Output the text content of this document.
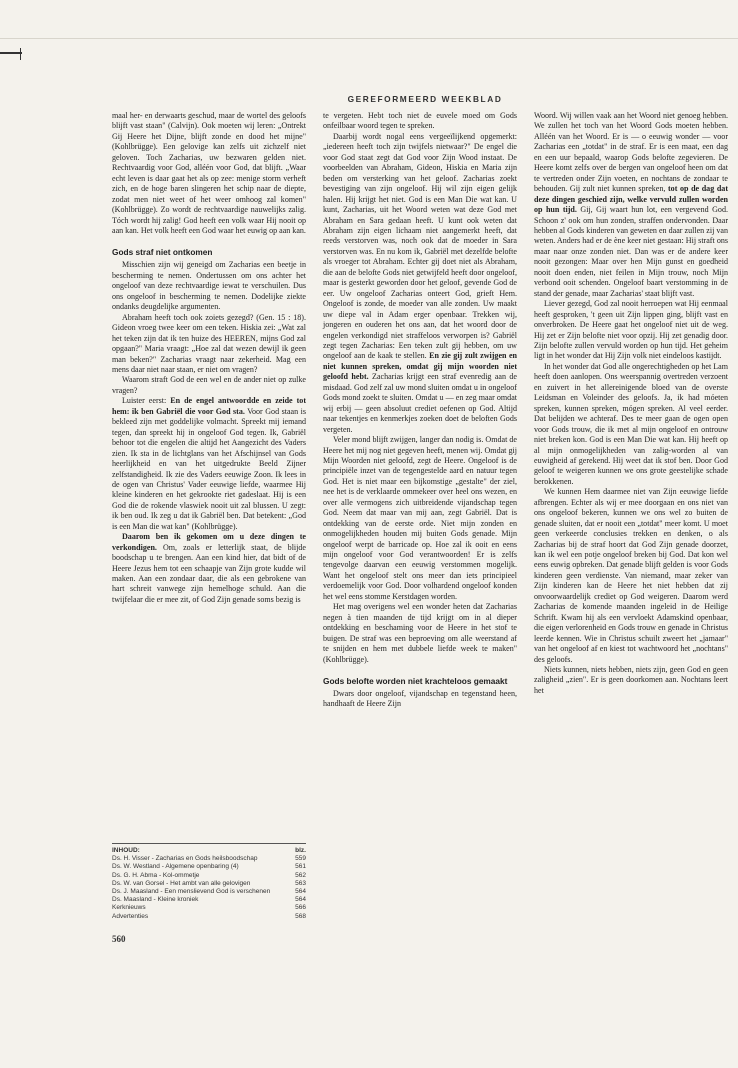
GEREFORMEERD WEEKBLAD

maal her- en derwaarts geschud, maar de wortel des geloofs blijft vast staan" (Calvijn). Ook moeten wij leren: „Ontrekt Gij Heere het Dijne, blijft zonde en dood het mijne" (Kohlbrügge). Een gelovige kan zelfs uit zichzelf niet geloven. Toch Zacharias, uw bezwaren gelden niet. Rechtvaardig voor God, alléén voor God, dat blijft. „Waar echt leven is daar gaat het als op zee: menige storm verheft zich, en de hoge baren slingeren het schip naar de diepte, zodat men niet weet of het weer omhoog zal komen" (Kohlbrügge). Zo wordt de rechtvaardige nauwelijks zalig. Tóch wordt hij zalig! God heeft een volk waar Hij nooit op aan kan. Het volk heeft een God waar het euwig op aan kan.

Gods straf niet ontkomen

Misschien zijn wij geneigd om Zacharias een beetje in bescherming te nemen. Ondertussen om ons achter het ongeloof van deze rechtvaardige iewat te verschuilen. Dus ons ongeloof in bescherming te nemen. Dodelijke ziekte ondanks deugdelijke argumenten.

Abraham heeft toch ook zoiets gezegd? (Gen. 15 : 18). Gideon vroeg twee keer om een teken. Hiskia zei: „Wat zal het teken zijn dat ik ten huize des HEEREN, mijns God zal opgaan?" Maria vraagt: „Hoe zal dat wezen dewijl ik geen man beken?" Zacharias vraagt naar zekerheid. Mag een mens daar niet naar staan, er niet om vragen?

Waarom straft God de een wel en de ander niet op zulke vragen?

Luister eerst: En de engel antwoordde en zeide tot hem: ik ben Gabriël die voor God sta. Voor God staan is bekleed zijn met goddelijke volmacht. Spreekt mij iemand tegen, dan spreekt hij in ongeloof God tegen. Ik, Gabriël behoor tot die engelen die altijd het Aangezicht des Vaders zien. Ik sta in de lichtglans van het Afschijnsel van Gods heerlijkheid en van het uitgedrukte Beeld Zijner zelfstandigheid. Ik zie des Vaders eeuwige Zoon. Ik lees in de ogen van Christus' Vader eeuwige liefde, waarmee Hij kleine kinderen en het gekrookte riet gadeslaat. Hij is een God die de rokende vlaswiek nooit uit zal blussen. U zegt: ik ben oud. Ik zeg u dat ik Gabriël ben. Dat betekent: „God is een Man die wat kan" (Kohlbrügge).

Daarom ben ik gekomen om u deze dingen te verkondigen. Om, zoals er letterlijk staat, de blijde boodschap u te brengen. Aan een kind hier, dat bidt of de Heere Jezus hem tot een schaapje van Zijn grote kudde wil maken. Aan een zondaar daar, die als een gebrokene van hart schreit vanwege zijn hemelhoge schuld. Aan die twijfelaar die er mee zit, of God Zijn genade soms bezig is

te vergeten. Hebt toch niet de euvele moed om Gods onfeilbaar woord tegen te spreken.

Daarbij wordt nogal eens vergeeïlijkend opgemerkt: „iedereen heeft toch zijn twijfels nietwaar?" De engel die voor God staat zegt dat God voor Zijn Wood instaat. De voorbeelden van Abraham, Gideon, Hiskia en Maria zijn beden om versterking van het geloof. Zacharias zoekt bevestiging van zijn ongeloof. Hij wil zijn eigen gelijk halen. Hij krijgt het niet. God is een Man Die wat kan. U kunt, Zacharias, uit het Woord weten wat deze God met Abraham en Sara gedaan heeft. U kunt ook weten dat Abraham zijn eigen lichaam niet aangemerkt heeft, dat reeds verstorven was, noch ook dat de moeder in Sara verstorven was. En nu kom ik, Gabriël met dezelfde belofte als vroeger tot Abraham. Echter gij doet niet als Abraham, die aan de belofte Gods niet getwijfeld heeft door ongeloof, maar is gesterkt geworden door het geloof, gevende God de eer. Uw ongeloof Zacharias onteert God, grieft Hem. Ongeloof is zonde, de moeder van alle zonden. Uw maakt uw diepe val in Adam erger openbaar. Trekken wij, jongeren en ouderen het ons aan, dat het woord door de engelen verkondigd niet straffeloos verworpen is? Gabriël zegt tegen Zacharias: Een teken zult gij hebben, om uw ongeloof aan de kaak te stellen. En zie gij zult zwijgen en niet kunnen spreken, omdat gij mijn woorden niet geloofd hebt. Zacharias krijgt een straf evenredig aan de misdaad. God zelf zal uw mond sluiten omdat u in ongeloof Gods mond zoekt te sluiten. Omdat u — en zeg maar omdat wij erbij — geen absoluut crediet oefenen op God. Altijd naar tekentjes en kenmerkjes zoeken doet de beloften Gods vergeten.

Veler mond blijft zwijgen, langer dan nodig is. Omdat de Heere het mij nog niet gegeven heeft, menen wij. Omdat gij Mijn Woorden niet geloofd, zegt de Heere. Ongeloof is de principiële inzet van de tegengestelde aard en natuur tegen God. Het is niet maar een bijkomstige „gestalte" der ziel, nee het is de verklaarde ommekeer over heel ons wezen, en over alle vermogens zich uitbreidende vijandschap tegen God. Neem dat maar van mij aan, zegt Gabriël. Dat is ontdekking van de eerste orde. Niet mijn zonden en onmogelijkheden houden mij buiten Gods genade. Mijn ongeloof werpt de barricade op. Hoe zal ik ooit en eens mijn ongeloof voor God verantwoorden! Er is zelfs tengevolge daarvan een eeuwig verstommen mogelijk. Want het ongeloof stelt ons meer dan iets principieel verdoemelijk voor God. Door volhardend ongeloof konden het wel eens stomme Kerstdagen worden.

Het mag overigens wel een wonder heten dat Zacharias negen à tien maanden de tijd krijgt om in al dieper ontdekking en beschaming voor de Heere in het stof te buigen. De straf was een beproeving om alle weerstand af te snijden en hem met dubbele liefde week te maken" (Kohlbrügge).

Gods belofte worden niet krachteloos gemaakt

Dwars door ongeloof, vijandschap en tegenstand heen, handhaaft de Heere Zijn

Woord. Wij willen vaak aan het Woord niet genoeg hebben. We zullen het toch van het Woord Gods moeten hebben. Alléén van het Woord. Er is — o eeuwig wonder — voor Zacharias een „totdat" in de straf. Er is een maat, een dag en een uur bepaald, waarop Gods belofte zegevieren. De Heere komt zelfs over de bergen van ongeloof heen om dat te vertreden onder Zijn voeten, en nochtans de zondaar te behouden. Gij zult niet kunnen spreken, tot op de dag dat deze dingen geschied zijn, welke vervuld zullen worden op hun tijd. Gij, Gij waart hun lot, een vergevend God. Schoon z' ook om hun zonden, straffen ondervonden. Daar hebben al Gods kinderen van geweten en daar zullen zij van weten. Anders had er de ène keer niet gestaan: Hij straft ons maar naar onze zonden niet. Dan was er de andere keer nooit gezongen: Maar over hen Mijn gunst en goedheid nooit doen enden, niet feilen in Mijn trouw, noch Mijn verbond ooit schenden. Ongeloof baart verstomming in de stand der genade, maar Zacharias' staat blijft vast.

Liever gezegd, God zal nooit herroepen wat Hij eenmaal heeft gesproken, 't geen uit Zijn lippen ging, blijft vast en onverbroken. De Heere gaat het ongeloof niet uit de weg. Hij zet er Zijn belofte niet voor opzij. Hij zet genadig door. Zijn belofte zullen vervuld worden op hun tijd. Het geheim ligt in het wonder dat Hij Zijn volk niet eindeloos kastijdt.

In het wonder dat God alle ongerechtigheden op het Lam heeft doen aanlopen. Ons weerspannig overtreden verzoent en zuivert in het allereinigende bloed van de overste Leidsman en Voleinder des geloofs. Ja, ik had móeten spreken, kunnen spreken, mógen spreken. Al veel eerder. Dat belijden we achteraf. Des te meer gaan de ogen open voor Gods trouw, die ik met al mijn ongeloof en ontrouw niet breken kon. God is een Man Die wat kan. Hij heeft op al mijn onmogelijkheden van zalig-worden al van euwigheid af gerekend. Hij weet dat ik stof ben. Door God geloof te weigeren kunnen we ons grote geestelijke schade berokkenen.

We kunnen Hem daarmee niet van Zijn eeuwige liefde afbrengen. Echter als wij er mee doorgaan en ons niet van ons ongeloof bekeren, kunnen we ons wel zo buiten de genade sluiten, dat er nooit een „totdat" meer komt. U moet geen verkeerde conclusies trekken en denken, o als Zacharias bij de straf hoort dat God Zijn genade doorzet, kan ik wel een potje ongeloof breken bij God. Dat kon wel eens euwig opbreken. Dat genade blijft gelden is voor Gods kinderen geen verdienste. Van niemand, maar zeker van Zijn kinderen kan de Heere het niet hebben dat zij onvoorwaardelijk crediet op God weigeren. Daarom werd Zacharias de komende maanden ingeleid in de Heilige Schrift. Kwam hij als een vervloekt Adamskind openbaar, die eigen verlorenheid en Gods trouw en genade in Christus leerde kennen. Wie in Christus schuilt zweert het „jamaar" van het ongeloof af en kiest tot wachtwoord het „nochtans" des geloofs.

Niets kunnen, niets hebben, niets zijn, geen God en geen zaligheid „zien". Er is geen doorkomen aan. Nochtans leert het

INHOUD:	blz.
Ds. H. Visser - Zacharias en Gods heilsboodschap	559
Ds. W. Westland - Algemene openbaring (4)	561
Ds. G. H. Abma - Kol-ommetje	562
Ds. W. van Gorsel - Het ambt van alle gelovigen	563
Ds. J. Maasland - Een menslievend God is verschenen	564
Ds. Maasland - Kleine kroniek	564
Kerknieuws	566
Advertenties	568
560
